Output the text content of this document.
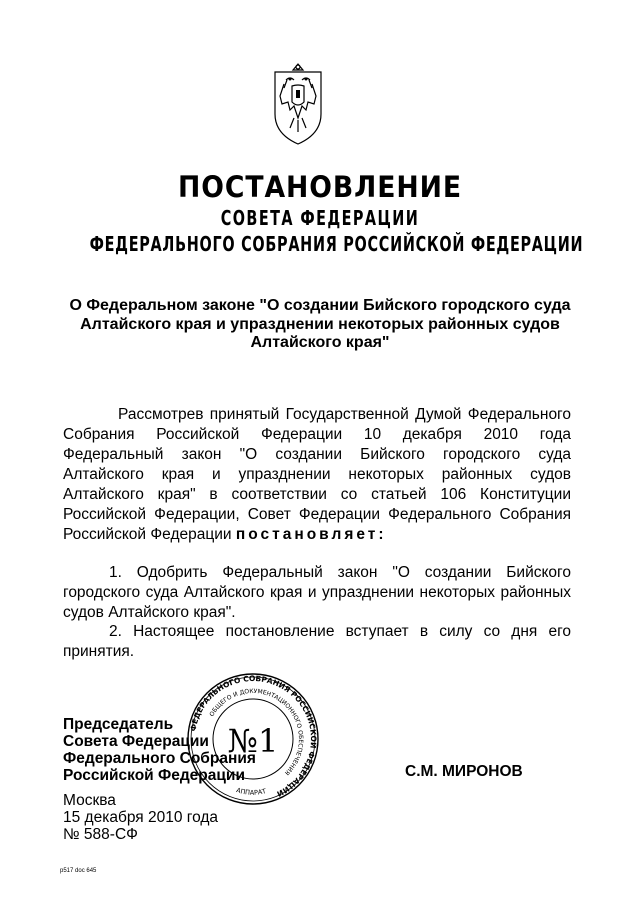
ПОСТАНОВЛЕНИЕ
СОВЕТА ФЕДЕРАЦИИ
ФЕДЕРАЛЬНОГО СОБРАНИЯ РОССИЙСКОЙ ФЕДЕРАЦИИ
О Федеральном законе "О создании Бийского городского суда Алтайского края и упразднении некоторых районных судов Алтайского края"
Рассмотрев принятый Государственной Думой Федерального Собрания Российской Федерации 10 декабря 2010 года Федеральный закон "О создании Бийского городского суда Алтайского края и упразднении некоторых районных судов Алтайского края" в соответствии со статьей 106 Конституции Российской Федерации, Совет Федерации Федерального Собрания Российской Федерации постановляет:
1. Одобрить Федеральный закон "О создании Бийского городского суда Алтайского края и упразднении некоторых районных судов Алтайского края".
2. Настоящее постановление вступает в силу со дня его принятия.
ФЕДЕРАЛЬНОГО СОБРАНИЯ РОССИЙСКОЙ ФЕДЕРАЦИИ
ОБЩЕГО И ДОКУМЕНТАЦИОННОГО ОБЕСПЕЧЕНИЯ
АППАРАТ
№1
Председатель
Совета Федерации
Федерального Собрания
Российской Федерации	С.М. МИРОНОВ
Москва
15 декабря 2010 года
№ 588-СФ
p517 doc 645
